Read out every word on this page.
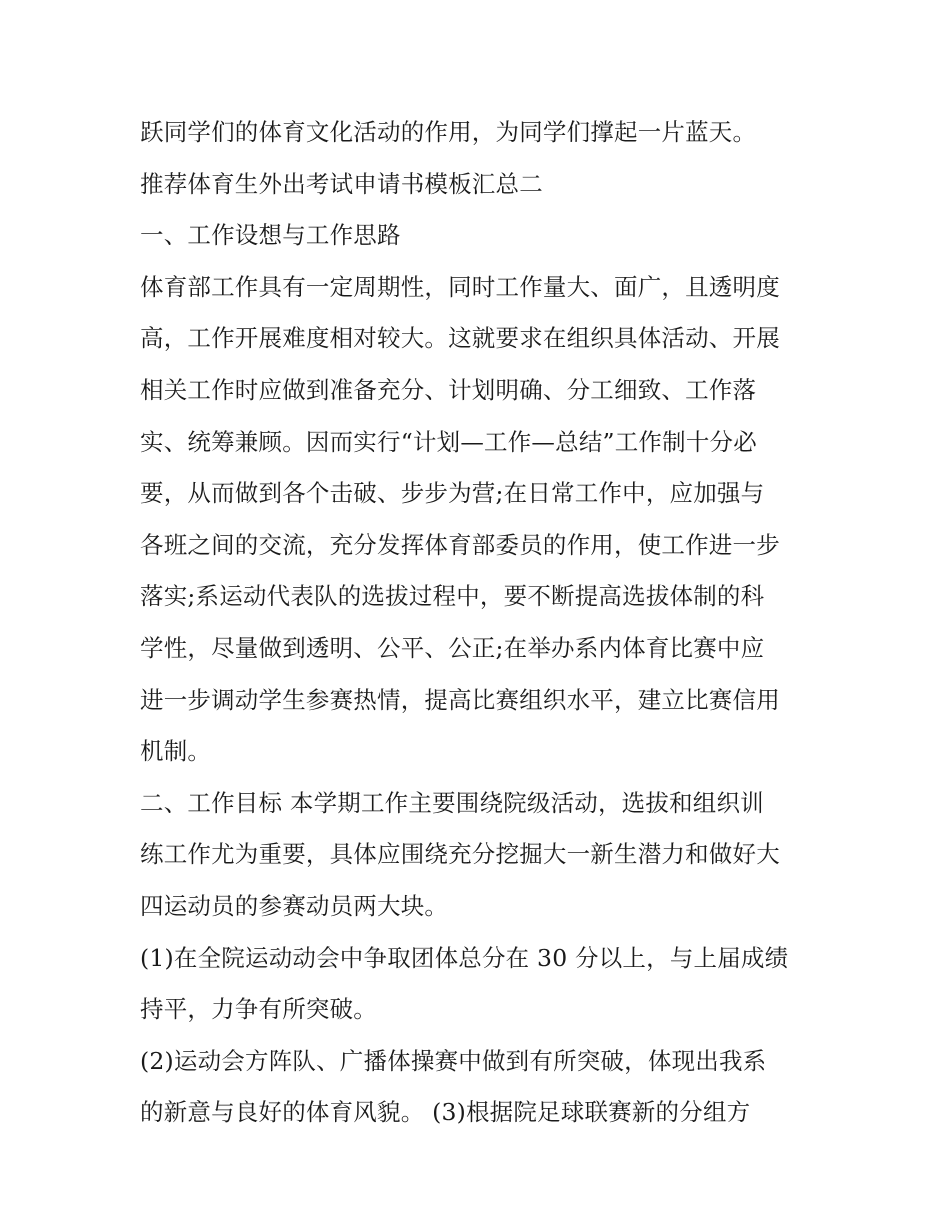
跃同学们的体育文化活动的作用，为同学们撑起一片蓝天。
推荐体育生外出考试申请书模板汇总二
一、工作设想与工作思路
体育部工作具有一定周期性，同时工作量大、面广，且透明度
高，工作开展难度相对较大。这就要求在组织具体活动、开展
相关工作时应做到准备充分、计划明确、分工细致、工作落
实、统筹兼顾。因而实行“计划—工作—总结”工作制十分必
要，从而做到各个击破、步步为营;在日常工作中，应加强与
各班之间的交流，充分发挥体育部委员的作用，使工作进一步
落实;系运动代表队的选拔过程中，要不断提高选拔体制的科
学性，尽量做到透明、公平、公正;在举办系内体育比赛中应
进一步调动学生参赛热情，提高比赛组织水平，建立比赛信用
机制。
二、工作目标 本学期工作主要围绕院级活动，选拔和组织训
练工作尤为重要，具体应围绕充分挖掘大一新生潜力和做好大
四运动员的参赛动员两大块。
(1)在全院运动动会中争取团体总分在 30 分以上，与上届成绩
持平，力争有所突破。
(2)运动会方阵队、广播体操赛中做到有所突破，体现出我系
的新意与良好的体育风貌。 (3)根据院足球联赛新的分组方
